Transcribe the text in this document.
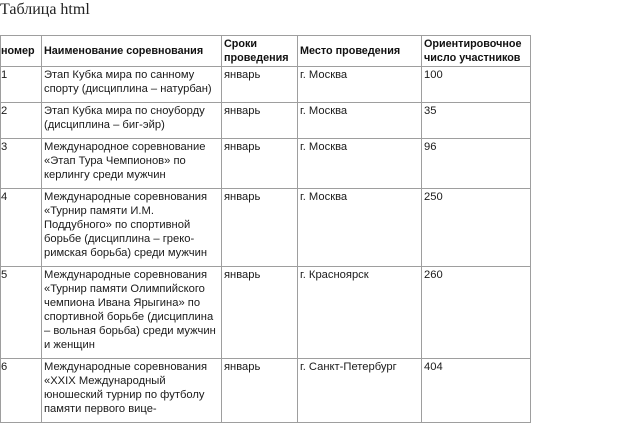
Таблица html
номер	Наименование соревнования	Сроки проведения	Место проведения	Ориентировочное число участников
1	Этап Кубка мира по санному спорту (дисциплина – натурбан)	январь	г. Москва	100
2	Этап Кубка мира по сноуборду (дисциплина – биг-эйр)	январь	г. Москва	35
3	Международное соревнование «Этап Тура Чемпионов» по керлингу среди мужчин	январь	г. Москва	96
4	Международные соревнования «Турнир памяти И.М. Поддубного» по спортивной борьбе (дисциплина – греко-римская борьба) среди мужчин	январь	г. Москва	250
5	Международные соревнования «Турнир памяти Олимпийского чемпиона Ивана Ярыгина» по спортивной борьбе (дисциплина – вольная борьба) среди мужчин и женщин	январь	г. Красноярск	260
6	Международные соревнования «XXIX Международный юношеский турнир по футболу памяти первого вице-	январь	г. Санкт-Петербург	404
